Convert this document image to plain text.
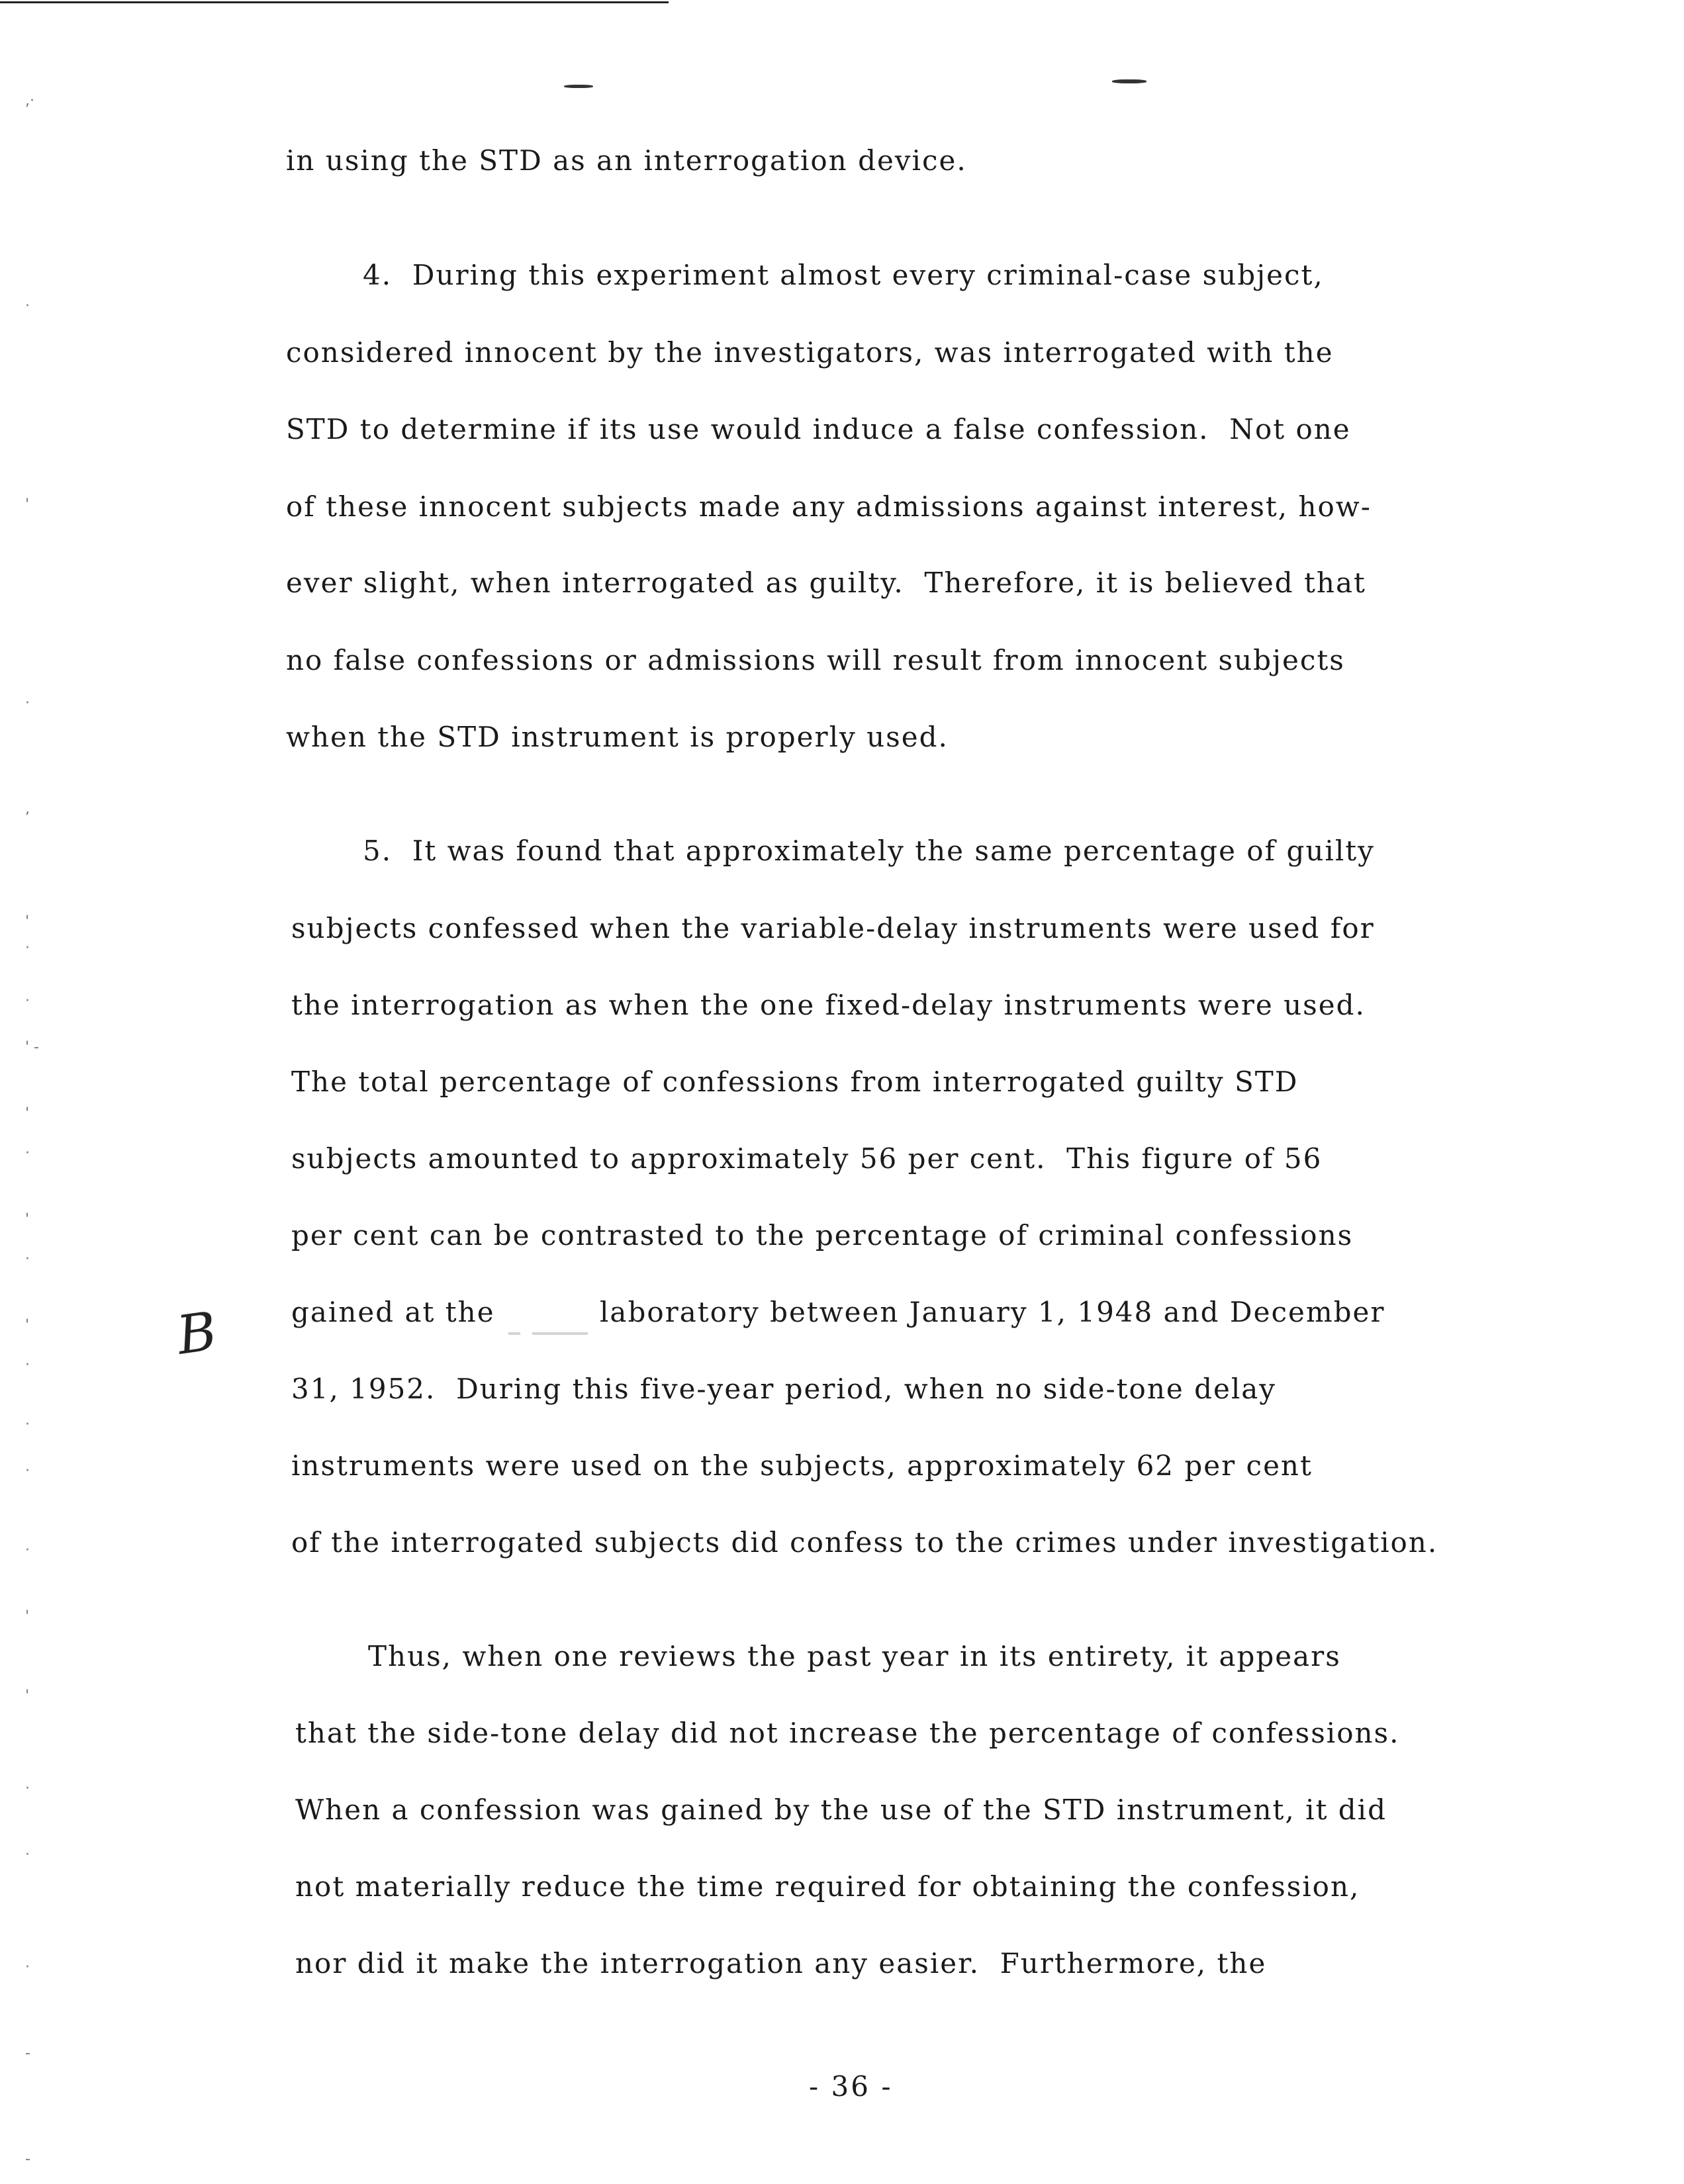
,·
·
'
·
,
'
·
·
' -
'
·
'
·
'
·
·
·
·
'
'
·
·
·
-
-
B
in using the STD as an interrogation device.
4.  During this experiment almost every criminal-case subject,
considered innocent by the investigators, was interrogated with the
STD to determine if its use would induce a false confession.  Not one
of these innocent subjects made any admissions against interest, how-
ever slight, when interrogated as guilty.  Therefore, it is believed that
no false confessions or admissions will result from innocent subjects
when the STD instrument is properly used.
5.  It was found that approximately the same percentage of guilty
subjects confessed when the variable-delay instruments were used for
the interrogation as when the one fixed-delay instruments were used.
The total percentage of confessions from interrogated guilty STD
subjects amounted to approximately 56 per cent.  This figure of 56
per cent can be contrasted to the percentage of criminal confessions
gained at the	laboratory between January 1, 1948 and December
31, 1952.  During this five-year period, when no side-tone delay
instruments were used on the subjects, approximately 62 per cent
of the interrogated subjects did confess to the crimes under investigation.
Thus, when one reviews the past year in its entirety, it appears
that the side-tone delay did not increase the percentage of confessions.
When a confession was gained by the use of the STD instrument, it did
not materially reduce the time required for obtaining the confession,
nor did it make the interrogation any easier.  Furthermore, the
- 36 -
